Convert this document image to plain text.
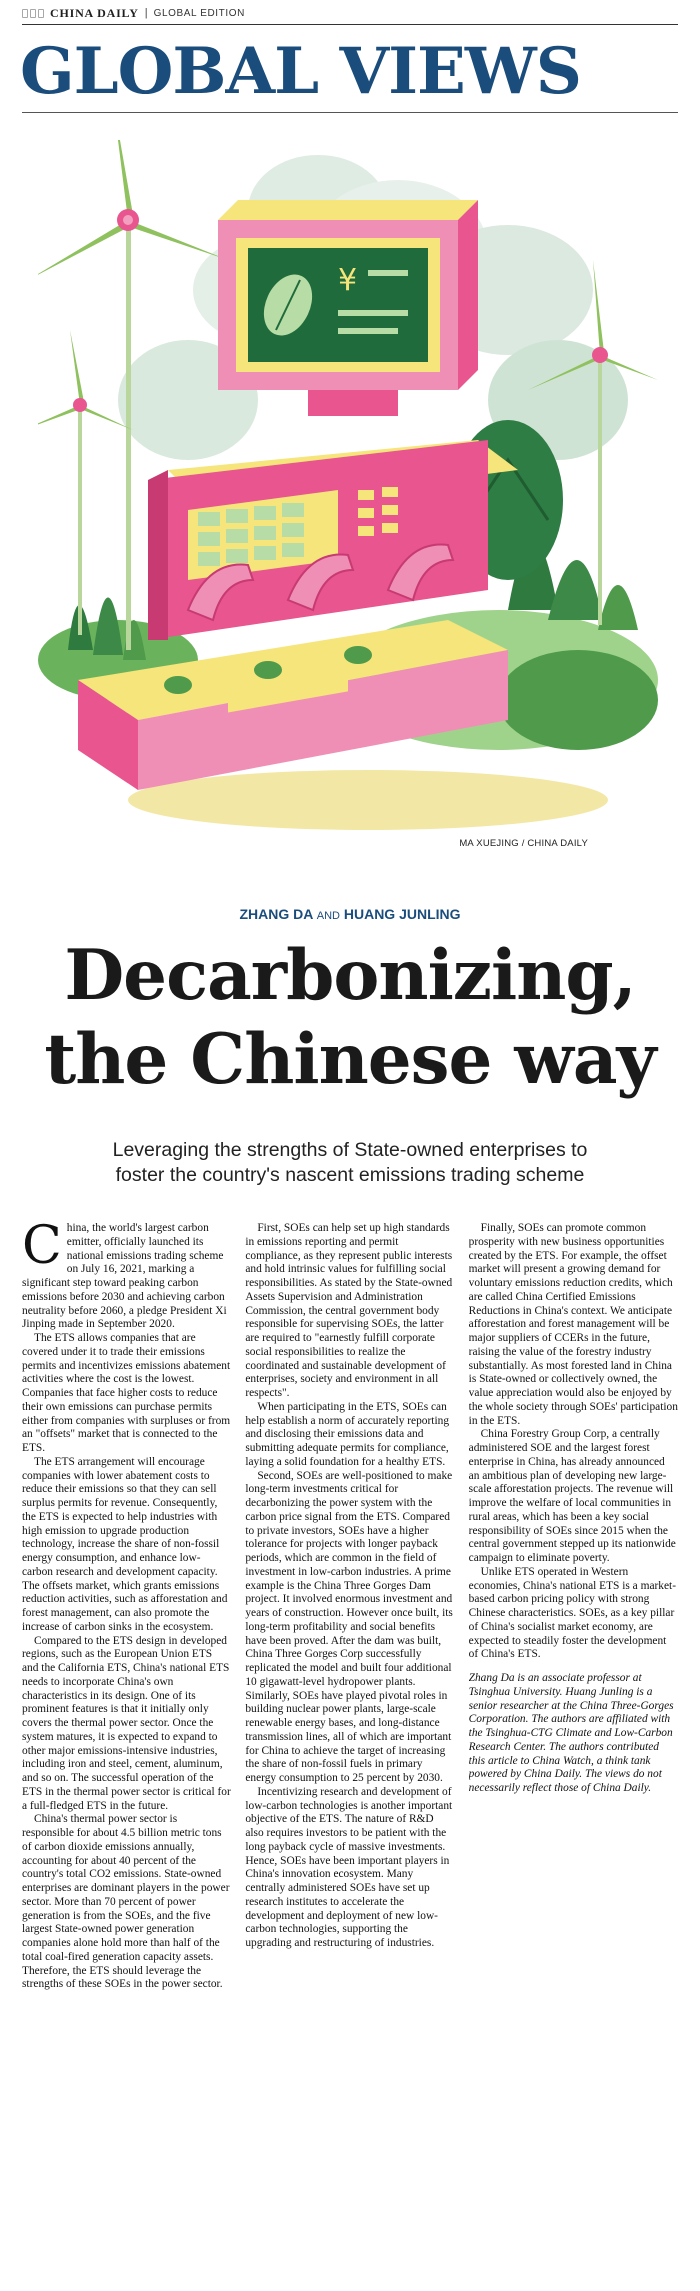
CHINA DAILY | GLOBAL EDITION
GLOBAL VIEWS
¥
MA XUEJING / CHINA DAILY
ZHANG DA AND HUANG JUNLING
Decarbonizing,
the Chinese way
Leveraging the strengths of State-owned enterprises to
foster the country's nascent emissions trading scheme

China, the world's largest carbon emitter, officially launched its national emissions trading scheme on July 16, 2021, marking a significant step toward peaking carbon emissions before 2030 and achieving carbon neutrality before 2060, a pledge President Xi Jinping made in September 2020.

The ETS allows companies that are covered under it to trade their emissions permits and incentivizes emissions abatement activities where the cost is the lowest. Companies that face higher costs to reduce their own emissions can purchase permits either from companies with surpluses or from an "offsets" market that is connected to the ETS.

The ETS arrangement will encourage companies with lower abatement costs to reduce their emissions so that they can sell surplus permits for revenue. Consequently, the ETS is expected to help industries with high emission to upgrade production technology, increase the share of non-fossil energy consumption, and enhance low-carbon research and development capacity. The offsets market, which grants emissions reduction activities, such as afforestation and forest management, can also promote the increase of carbon sinks in the ecosystem.

Compared to the ETS design in developed regions, such as the European Union ETS and the California ETS, China's national ETS needs to incorporate China's own characteristics in its design. One of its prominent features is that it initially only covers the thermal power sector. Once the system matures, it is expected to expand to other major emissions-intensive industries, including iron and steel, cement, aluminum, and so on. The successful operation of the ETS in the thermal power sector is critical for a full-fledged ETS in the future.

China's thermal power sector is responsible for about 4.5 billion metric tons of carbon dioxide emissions annually, accounting for about 40 percent of the country's total CO2 emissions. State-owned enterprises are dominant players in the power sector. More than 70 percent of power generation is from the SOEs, and the five largest State-owned power generation companies alone hold more than half of the total coal-fired generation capacity assets. Therefore, the ETS should leverage the strengths of these SOEs in the power sector.

First, SOEs can help set up high standards in emissions reporting and permit compliance, as they represent public interests and hold intrinsic values for fulfilling social responsibilities. As stated by the State-owned Assets Supervision and Administration Commission, the central government body responsible for supervising SOEs, the latter are required to "earnestly fulfill corporate social responsibilities to realize the coordinated and sustainable development of enterprises, society and environment in all respects".

When participating in the ETS, SOEs can help establish a norm of accurately reporting and disclosing their emissions data and submitting adequate permits for compliance, laying a solid foundation for a healthy ETS.

Second, SOEs are well-positioned to make long-term investments critical for decarbonizing the power system with the carbon price signal from the ETS. Compared to private investors, SOEs have a higher tolerance for projects with longer payback periods, which are common in the field of investment in low-carbon industries. A prime example is the China Three Gorges Dam project. It involved enormous investment and years of construction. However once built, its long-term profitability and social benefits have been proved. After the dam was built, China Three Gorges Corp successfully replicated the model and built four additional 10 gigawatt-level hydropower plants. Similarly, SOEs have played pivotal roles in building nuclear power plants, large-scale renewable energy bases, and long-distance transmission lines, all of which are important for China to achieve the target of increasing the share of non-fossil fuels in primary energy consumption to 25 percent by 2030.

Incentivizing research and development of low-carbon technologies is another important objective of the ETS. The nature of R&D also requires investors to be patient with the long payback cycle of massive investments. Hence, SOEs have been important players in China's innovation ecosystem. Many centrally administered SOEs have set up research institutes to accelerate the development and deployment of new low-carbon technologies, supporting the upgrading and restructuring of industries.

Finally, SOEs can promote common prosperity with new business opportunities created by the ETS. For example, the offset market will present a growing demand for voluntary emissions reduction credits, which are called China Certified Emissions Reductions in China's context. We anticipate afforestation and forest management will be major suppliers of CCERs in the future, raising the value of the forestry industry substantially. As most forested land in China is State-owned or collectively owned, the value appreciation would also be enjoyed by the whole society through SOEs' participation in the ETS.

China Forestry Group Corp, a centrally administered SOE and the largest forest enterprise in China, has already announced an ambitious plan of developing new large-scale afforestation projects. The revenue will improve the welfare of local communities in rural areas, which has been a key social responsibility of SOEs since 2015 when the central government stepped up its nationwide campaign to eliminate poverty.

Unlike ETS operated in Western economies, China's national ETS is a market-based carbon pricing policy with strong Chinese characteristics. SOEs, as a key pillar of China's socialist market economy, are expected to steadily foster the development of China's ETS.

Zhang Da is an associate professor at Tsinghua University. Huang Junling is a senior researcher at the China Three-Gorges Corporation. The authors are affiliated with the Tsinghua-CTG Climate and Low-Carbon Research Center. The authors contributed this article to China Watch, a think tank powered by China Daily. The views do not necessarily reflect those of China Daily.
